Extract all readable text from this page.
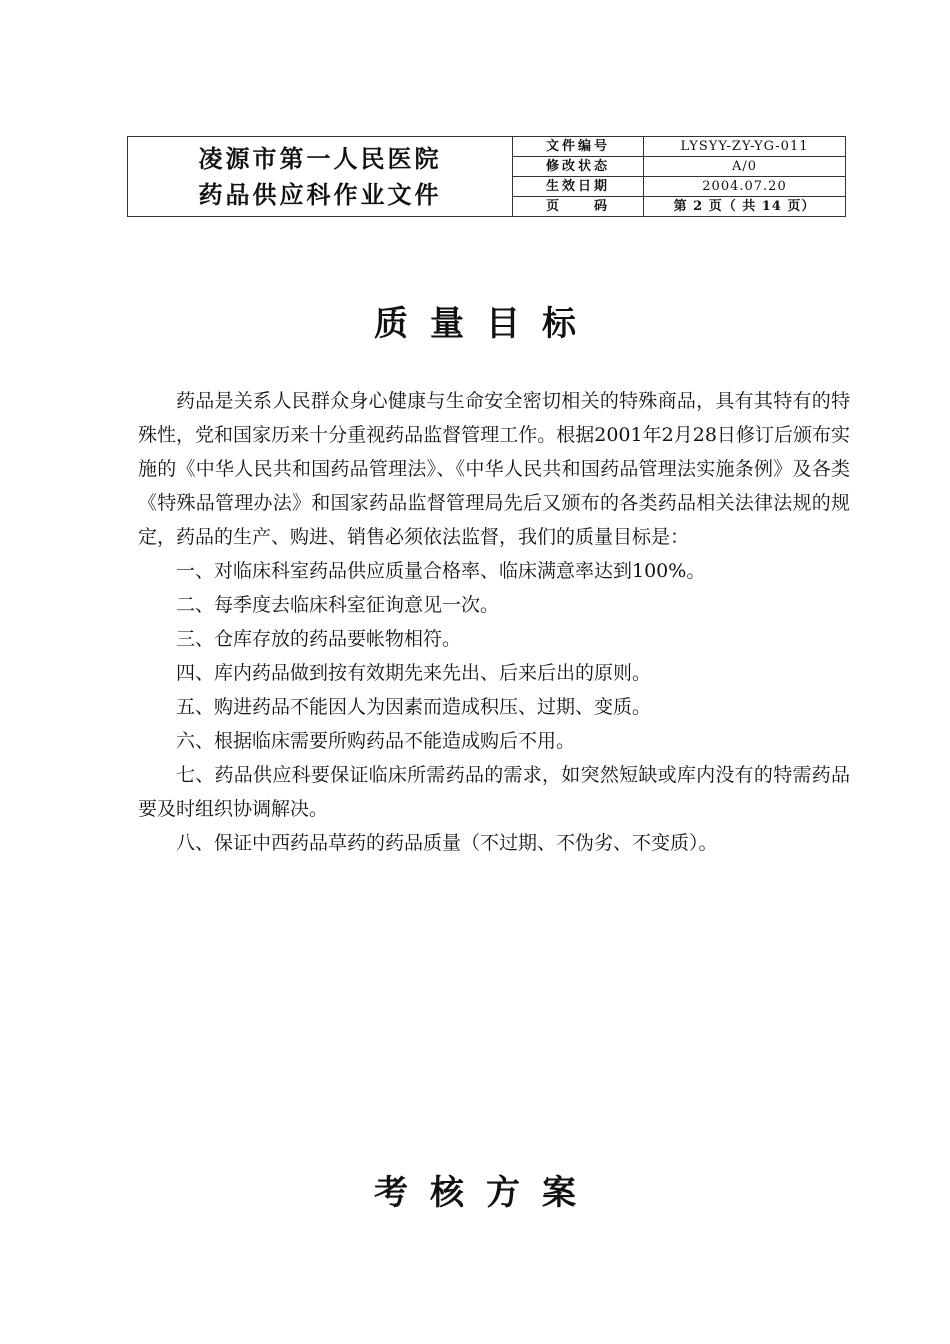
凌源市第一人民医院
药品供应科作业文件	文件编号	LYSYY-ZY-YG-011
	修改状态	A/0
	生效日期	2004.07.20
	页　　码	第 2 页（ 共 14 页）
质量目标

药品是关系人民群众身心健康与生命安全密切相关的特殊商品，具有其特有的特殊性，党和国家历来十分重视药品监督管理工作。根据2001年2月28日修订后颁布实施的《中华人民共和国药品管理法》、《中华人民共和国药品管理法实施条例》及各类《特殊品管理办法》和国家药品监督管理局先后又颁布的各类药品相关法律法规的规定，药品的生产、购进、销售必须依法监督，我们的质量目标是：

一、对临床科室药品供应质量合格率、临床满意率达到100%。

二、每季度去临床科室征询意见一次。

三、仓库存放的药品要帐物相符。

四、库内药品做到按有效期先来先出、后来后出的原则。

五、购进药品不能因人为因素而造成积压、过期、变质。

六、根据临床需要所购药品不能造成购后不用。

七、药品供应科要保证临床所需药品的需求，如突然短缺或库内没有的特需药品要及时组织协调解决。

八、保证中西药品草药的药品质量（不过期、不伪劣、不变质）。

考核方案
